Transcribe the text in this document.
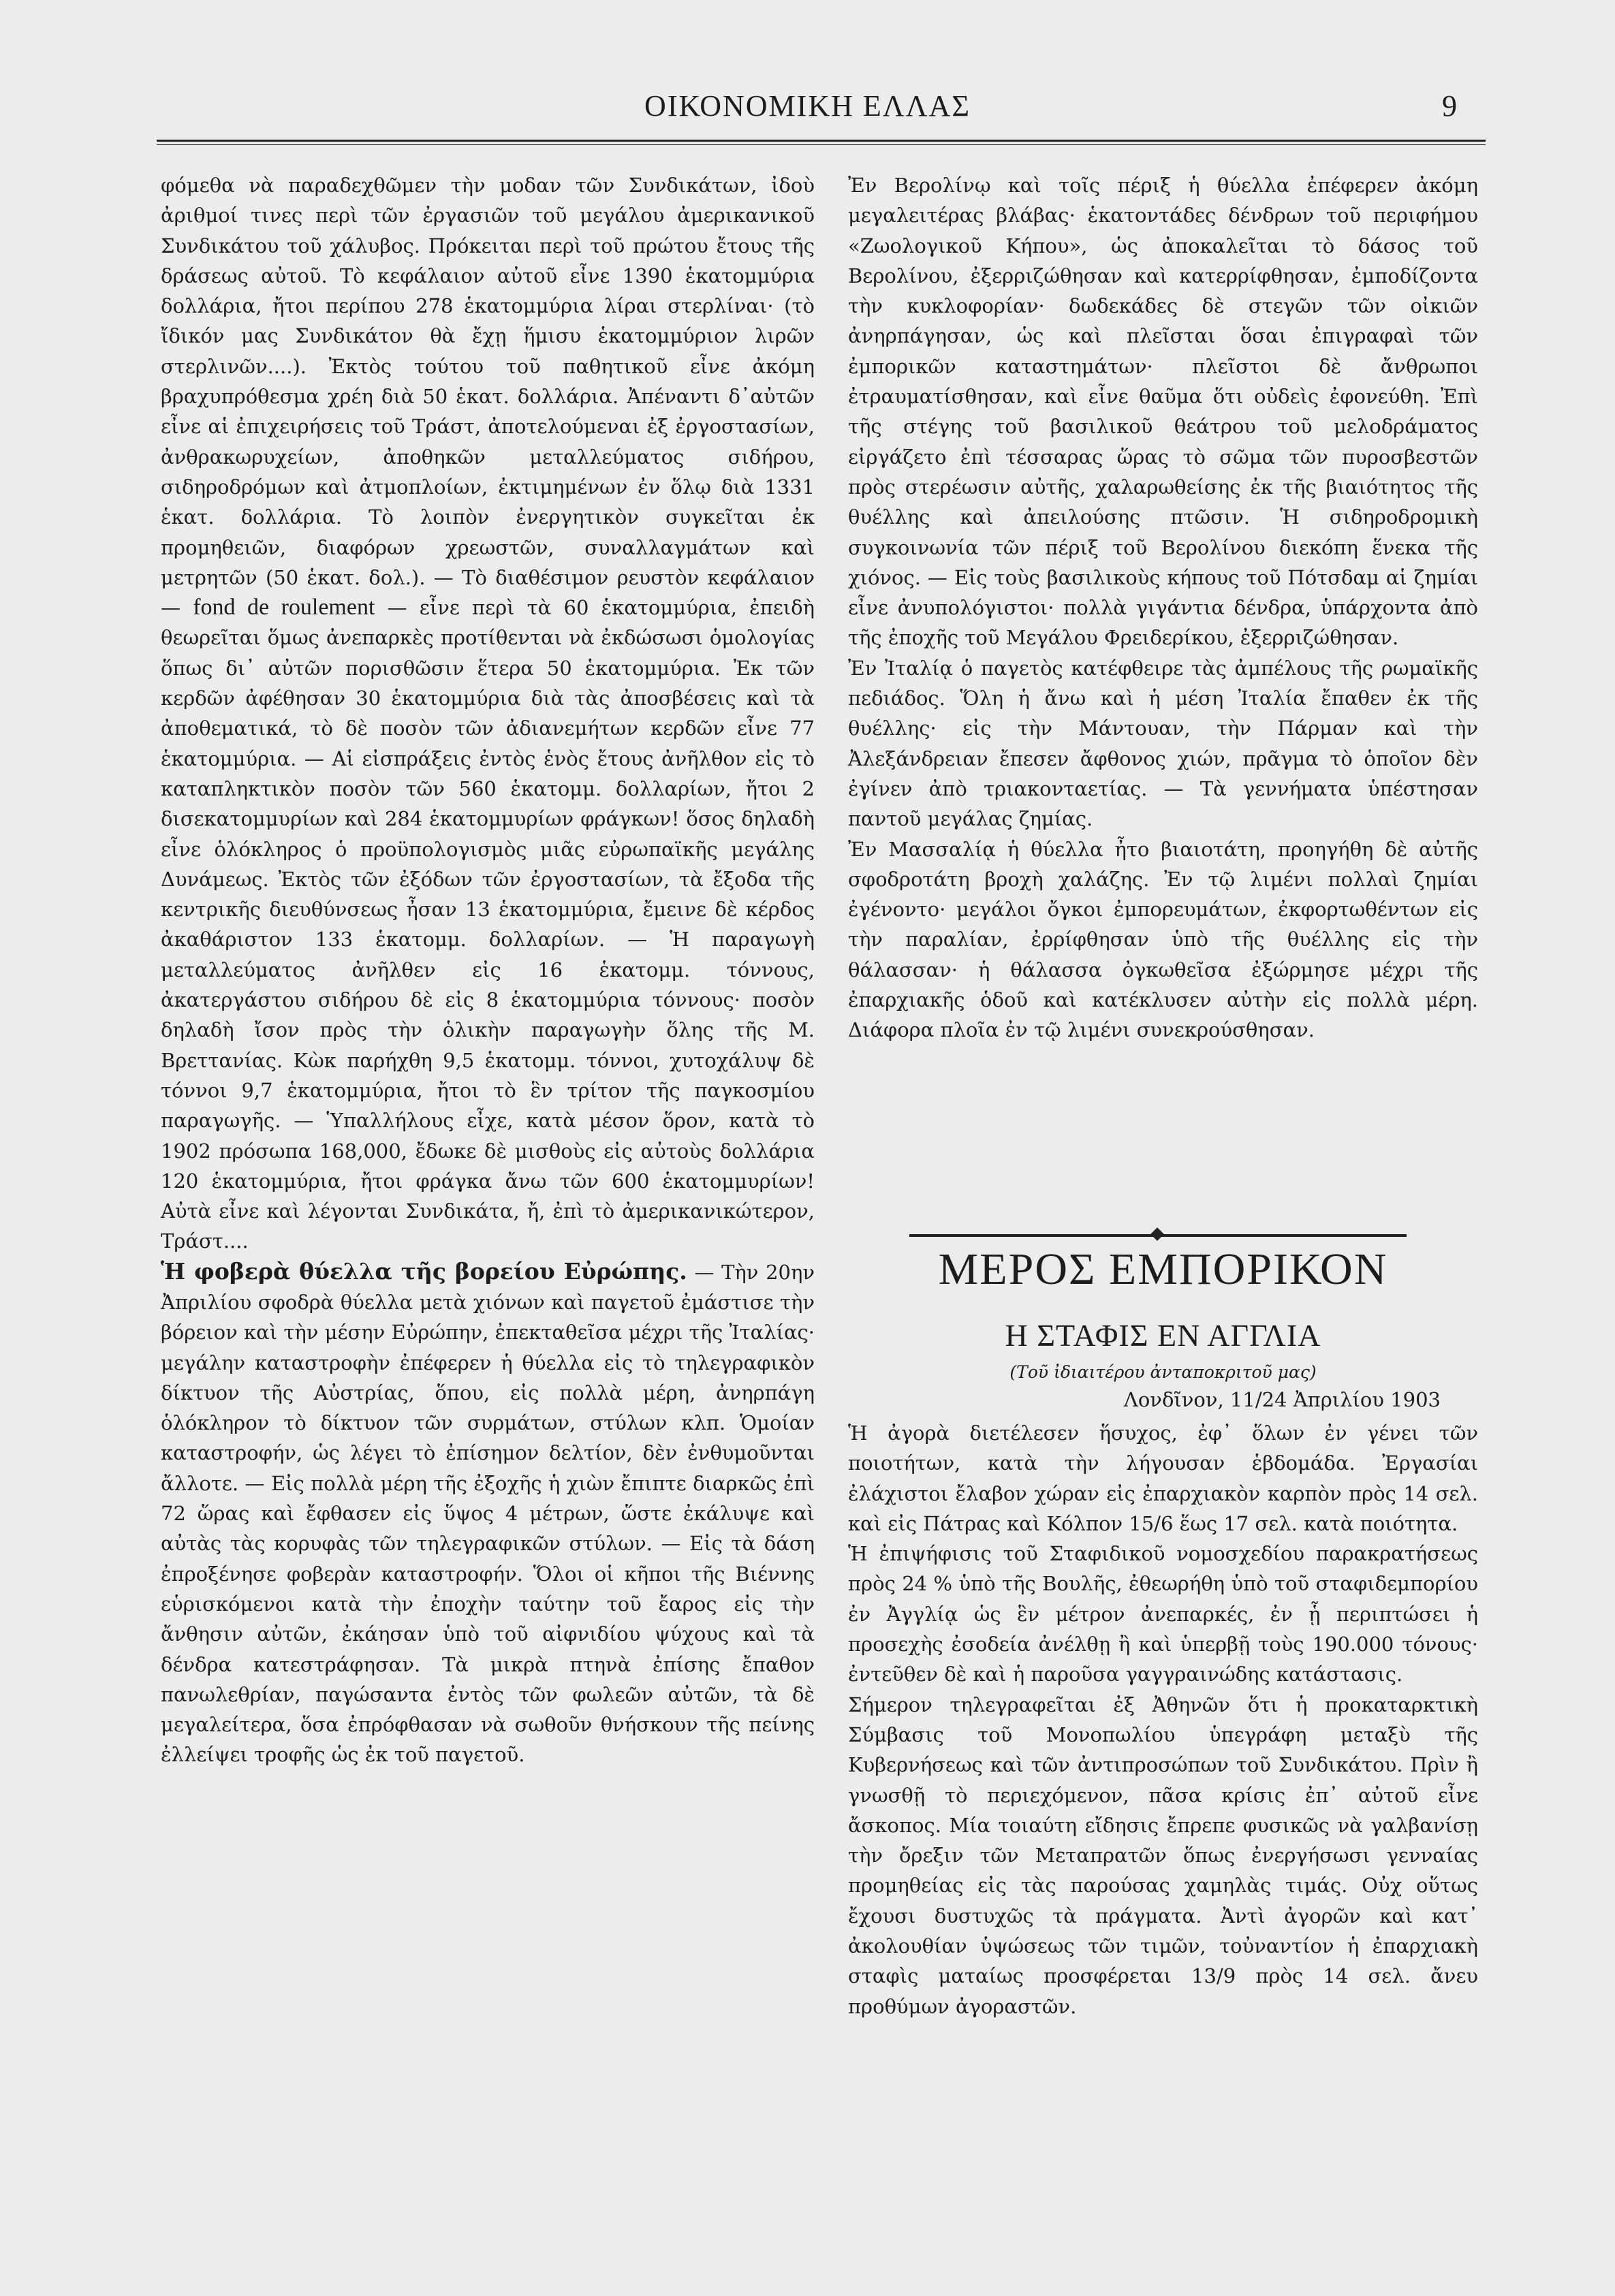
ΟΙΚΟΝΟΜΙΚΗ ΕΛΛΑΣ	9

φόμεθα νὰ παραδεχθῶμεν τὴν μοδαν τῶν Συνδικάτων, ἰδοὺ ἀριθμοί τινες περὶ τῶν ἐργασιῶν τοῦ μεγάλου ἀμερικανικοῦ Συνδικάτου τοῦ χάλυβος. Πρόκειται περὶ τοῦ πρώτου ἔτους τῆς δράσεως αὐτοῦ. Τὸ κεφάλαιον αὐτοῦ εἶνε 1390 ἑκατομμύρια δολλάρια, ἤτοι περίπου 278 ἑκατομμύρια λίραι στερλίναι· (τὸ ἴδικόν μας Συνδικάτον θὰ ἔχῃ ἥμισυ ἑκατομμύριον λιρῶν στερλινῶν....). Ἐκτὸς τούτου τοῦ παθητικοῦ εἶνε ἀκόμη βραχυπρόθεσμα χρέη διὰ 50 ἑκατ. δολλάρια. Ἀπέναντι δ᾽αὐτῶν εἶνε αἱ ἐπιχειρήσεις τοῦ Τράστ, ἀποτελούμεναι ἐξ ἐργοστασίων, ἀνθρακωρυχείων, ἀποθηκῶν μεταλλεύματος σιδήρου, σιδηροδρόμων καὶ ἀτμοπλοίων, ἐκτιμημένων ἐν ὅλῳ διὰ 1331 ἑκατ. δολλάρια. Τὸ λοιπὸν ἐνεργητικὸν συγκεῖται ἐκ προμηθειῶν, διαφόρων χρεωστῶν, συναλλαγμάτων καὶ μετρητῶν (50 ἑκατ. δολ.). — Τὸ διαθέσιμον ρευστὸν κεφάλαιον — fond de roulement — εἶνε περὶ τὰ 60 ἑκατομμύρια, ἐπειδὴ θεωρεῖται ὅμως ἀνεπαρκὲς προτίθενται νὰ ἐκδώσωσι ὁμολογίας ὅπως δι᾽ αὐτῶν πορισθῶσιν ἕτερα 50 ἑκατομμύρια. Ἐκ τῶν κερδῶν ἀφέθησαν 30 ἑκατομμύρια διὰ τὰς ἀποσβέσεις καὶ τὰ ἀποθεματικά, τὸ δὲ ποσὸν τῶν ἀδιανεμήτων κερδῶν εἶνε 77 ἑκατομμύρια. — Αἱ εἰσπράξεις ἐντὸς ἑνὸς ἔτους ἀνῆλθον εἰς τὸ καταπληκτικὸν ποσὸν τῶν 560 ἑκατομμ. δολλαρίων, ἤτοι 2 δισεκατομμυρίων καὶ 284 ἑκατομμυρίων φράγκων! ὅσος δηλαδὴ εἶνε ὁλόκληρος ὁ προϋπολογισμὸς μιᾶς εὐρωπαϊκῆς μεγάλης Δυνάμεως. Ἐκτὸς τῶν ἐξόδων τῶν ἐργοστασίων, τὰ ἔξοδα τῆς κεντρικῆς διευθύνσεως ἦσαν 13 ἑκατομμύρια, ἔμεινε δὲ κέρδος ἀκαθάριστον 133 ἑκατομμ. δολλαρίων. — Ἡ παραγωγὴ μεταλλεύματος ἀνῆλθεν εἰς 16 ἑκατομμ. τόννους, ἀκατεργάστου σιδήρου δὲ εἰς 8 ἑκατομμύρια τόννους· ποσὸν δηλαδὴ ἴσον πρὸς τὴν ὁλικὴν παραγωγὴν ὅλης τῆς Μ. Βρεττανίας. Κὼκ παρήχθη 9,5 ἑκατομμ. τόννοι, χυτοχάλυψ δὲ τόννοι 9,7 ἑκατομμύρια, ἤτοι τὸ ἓν τρίτον τῆς παγκοσμίου παραγωγῆς. — Ὑπαλλήλους εἶχε, κατὰ μέσον ὅρον, κατὰ τὸ 1902 πρόσωπα 168,000, ἔδωκε δὲ μισθοὺς εἰς αὐτοὺς δολλάρια 120 ἑκατομμύρια, ἤτοι φράγκα ἄνω τῶν 600 ἑκατομμυρίων!

Αὐτὰ εἶνε καὶ λέγονται Συνδικάτα, ἤ, ἐπὶ τὸ ἀμερικανικώτερον, Τράστ....

Ἡ φοβερὰ θύελλα τῆς βορείου Εὐρώπης. — Τὴν 20ην Ἀπριλίου σφοδρὰ θύελλα μετὰ χιόνων καὶ παγετοῦ ἐμάστισε τὴν βόρειον καὶ τὴν μέσην Εὐρώπην, ἐπεκταθεῖσα μέχρι τῆς Ἰταλίας· μεγάλην καταστροφὴν ἐπέφερεν ἡ θύελλα εἰς τὸ τηλεγραφικὸν δίκτυον τῆς Αὐστρίας, ὅπου, εἰς πολλὰ μέρη, ἀνηρπάγη ὁλόκληρον τὸ δίκτυον τῶν συρμάτων, στύλων κλπ. Ὁμοίαν καταστροφήν, ὡς λέγει τὸ ἐπίσημον δελτίον, δὲν ἐνθυμοῦνται ἄλλοτε. — Εἰς πολλὰ μέρη τῆς ἐξοχῆς ἡ χιὼν ἔπιπτε διαρκῶς ἐπὶ 72 ὥρας καὶ ἔφθασεν εἰς ὕψος 4 μέτρων, ὥστε ἐκάλυψε καὶ αὐτὰς τὰς κορυφὰς τῶν τηλεγραφικῶν στύλων. — Εἰς τὰ δάση ἐπροξένησε φοβερὰν καταστροφήν. Ὅλοι οἱ κῆποι τῆς Βιέννης εὑρισκόμενοι κατὰ τὴν ἐποχὴν ταύτην τοῦ ἔαρος εἰς τὴν ἄνθησιν αὐτῶν, ἐκάησαν ὑπὸ τοῦ αἰφνιδίου ψύχους καὶ τὰ δένδρα κατεστράφησαν. Τὰ μικρὰ πτηνὰ ἐπίσης ἔπαθον πανωλεθρίαν, παγώσαντα ἐντὸς τῶν φωλεῶν αὐτῶν, τὰ δὲ μεγαλείτερα, ὅσα ἐπρόφθασαν νὰ σωθοῦν θνήσκουν τῆς πείνης ἐλλείψει τροφῆς ὡς ἐκ τοῦ παγετοῦ.

Ἐν Βερολίνῳ καὶ τοῖς πέριξ ἡ θύελλα ἐπέφερεν ἀκόμη μεγαλειτέρας βλάβας· ἑκατοντάδες δένδρων τοῦ περιφήμου «Ζωολογικοῦ Κήπου», ὡς ἀποκαλεῖται τὸ δάσος τοῦ Βερολίνου, ἐξερριζώθησαν καὶ κατερρίφθησαν, ἐμποδίζοντα τὴν κυκλοφορίαν· δωδεκάδες δὲ στεγῶν τῶν οἰκιῶν ἀνηρπάγησαν, ὡς καὶ πλεῖσται ὅσαι ἐπιγραφαὶ τῶν ἐμπορικῶν καταστημάτων· πλεῖστοι δὲ ἄνθρωποι ἐτραυματίσθησαν, καὶ εἶνε θαῦμα ὅτι οὐδεὶς ἐφονεύθη. Ἐπὶ τῆς στέγης τοῦ βασιλικοῦ θεάτρου τοῦ μελοδράματος εἰργάζετο ἐπὶ τέσσαρας ὥρας τὸ σῶμα τῶν πυροσβεστῶν πρὸς στερέωσιν αὐτῆς, χαλαρωθείσης ἐκ τῆς βιαιότητος τῆς θυέλλης καὶ ἀπειλούσης πτῶσιν. Ἡ σιδηροδρομικὴ συγκοινωνία τῶν πέριξ τοῦ Βερολίνου διεκόπη ἕνεκα τῆς χιόνος. — Εἰς τοὺς βασιλικοὺς κήπους τοῦ Πότσδαμ αἱ ζημίαι εἶνε ἀνυπολόγιστοι· πολλὰ γιγάντια δένδρα, ὑπάρχοντα ἀπὸ τῆς ἐποχῆς τοῦ Μεγάλου Φρειδερίκου, ἐξερριζώθησαν.

Ἐν Ἰταλίᾳ ὁ παγετὸς κατέφθειρε τὰς ἀμπέλους τῆς ρωμαϊκῆς πεδιάδος. Ὅλη ἡ ἄνω καὶ ἡ μέση Ἰταλία ἔπαθεν ἐκ τῆς θυέλλης· εἰς τὴν Μάντουαν, τὴν Πάρμαν καὶ τὴν Ἀλεξάνδρειαν ἔπεσεν ἄφθονος χιών, πρᾶγμα τὸ ὁποῖον δὲν ἐγίνεν ἀπὸ τριακονταετίας. — Τὰ γεννήματα ὑπέστησαν παντοῦ μεγάλας ζημίας.

Ἐν Μασσαλίᾳ ἡ θύελλα ἦτο βιαιοτάτη, προηγήθη δὲ αὐτῆς σφοδροτάτη βροχὴ χαλάζης. Ἐν τῷ λιμένι πολλαὶ ζημίαι ἐγένοντο· μεγάλοι ὄγκοι ἐμπορευμάτων, ἐκφορτωθέντων εἰς τὴν παραλίαν, ἐρρίφθησαν ὑπὸ τῆς θυέλλης εἰς τὴν θάλασσαν· ἡ θάλασσα ὀγκωθεῖσα ἐξώρμησε μέχρι τῆς ἐπαρχιακῆς ὁδοῦ καὶ κατέκλυσεν αὐτὴν εἰς πολλὰ μέρη. Διάφορα πλοῖα ἐν τῷ λιμένι συνεκρούσθησαν.

ΜΕΡΟΣ ΕΜΠΟΡΙΚΟΝ
Η ΣΤΑΦΙΣ ΕΝ ΑΓΓΛΙΑ
(Τοῦ ἰδιαιτέρου ἀνταποκριτοῦ μας)
Λονδῖνον, 11/24 Ἀπριλίου 1903

Ἡ ἀγορὰ διετέλεσεν ἥσυχος, ἐφ᾽ ὅλων ἐν γένει τῶν ποιοτήτων, κατὰ τὴν λήγουσαν ἑβδομάδα. Ἐργασίαι ἐλάχιστοι ἔλαβον χώραν εἰς ἐπαρχιακὸν καρπὸν πρὸς 14 σελ. καὶ εἰς Πάτρας καὶ Κόλπον 15/6 ἕως 17 σελ. κατὰ ποιότητα.

Ἡ ἐπιψήφισις τοῦ Σταφιδικοῦ νομοσχεδίου παρακρατήσεως πρὸς 24 % ὑπὸ τῆς Βουλῆς, ἐθεωρήθη ὑπὸ τοῦ σταφιδεμπορίου ἐν Ἀγγλίᾳ ὡς ἓν μέτρον ἀνεπαρκές, ἐν ᾗ περιπτώσει ἡ προσεχὴς ἐσοδεία ἀνέλθῃ ἢ καὶ ὑπερβῇ τοὺς 190.000 τόνους· ἐντεῦθεν δὲ καὶ ἡ παροῦσα γαγγραινώδης κατάστασις.

Σήμερον τηλεγραφεῖται ἐξ Ἀθηνῶν ὅτι ἡ προκαταρκτικὴ Σύμβασις τοῦ Μονοπωλίου ὑπεγράφη μεταξὺ τῆς Κυβερνήσεως καὶ τῶν ἀντιπροσώπων τοῦ Συνδικάτου. Πρὶν ἢ γνωσθῇ τὸ περιεχόμενον, πᾶσα κρίσις ἐπ᾽ αὐτοῦ εἶνε ἄσκοπος. Μία τοιαύτη εἴδησις ἔπρεπε φυσικῶς νὰ γαλβανίσῃ τὴν ὄρεξιν τῶν Μεταπρατῶν ὅπως ἐνεργήσωσι γενναίας προμηθείας εἰς τὰς παρούσας χαμηλὰς τιμάς. Οὐχ οὕτως ἔχουσι δυστυχῶς τὰ πράγματα. Ἀντὶ ἀγορῶν καὶ κατ᾽ ἀκολουθίαν ὑψώσεως τῶν τιμῶν, τοὐναντίον ἡ ἐπαρχιακὴ σταφὶς ματαίως προσφέρεται 13/9 πρὸς 14 σελ. ἄνευ προθύμων ἀγοραστῶν.
